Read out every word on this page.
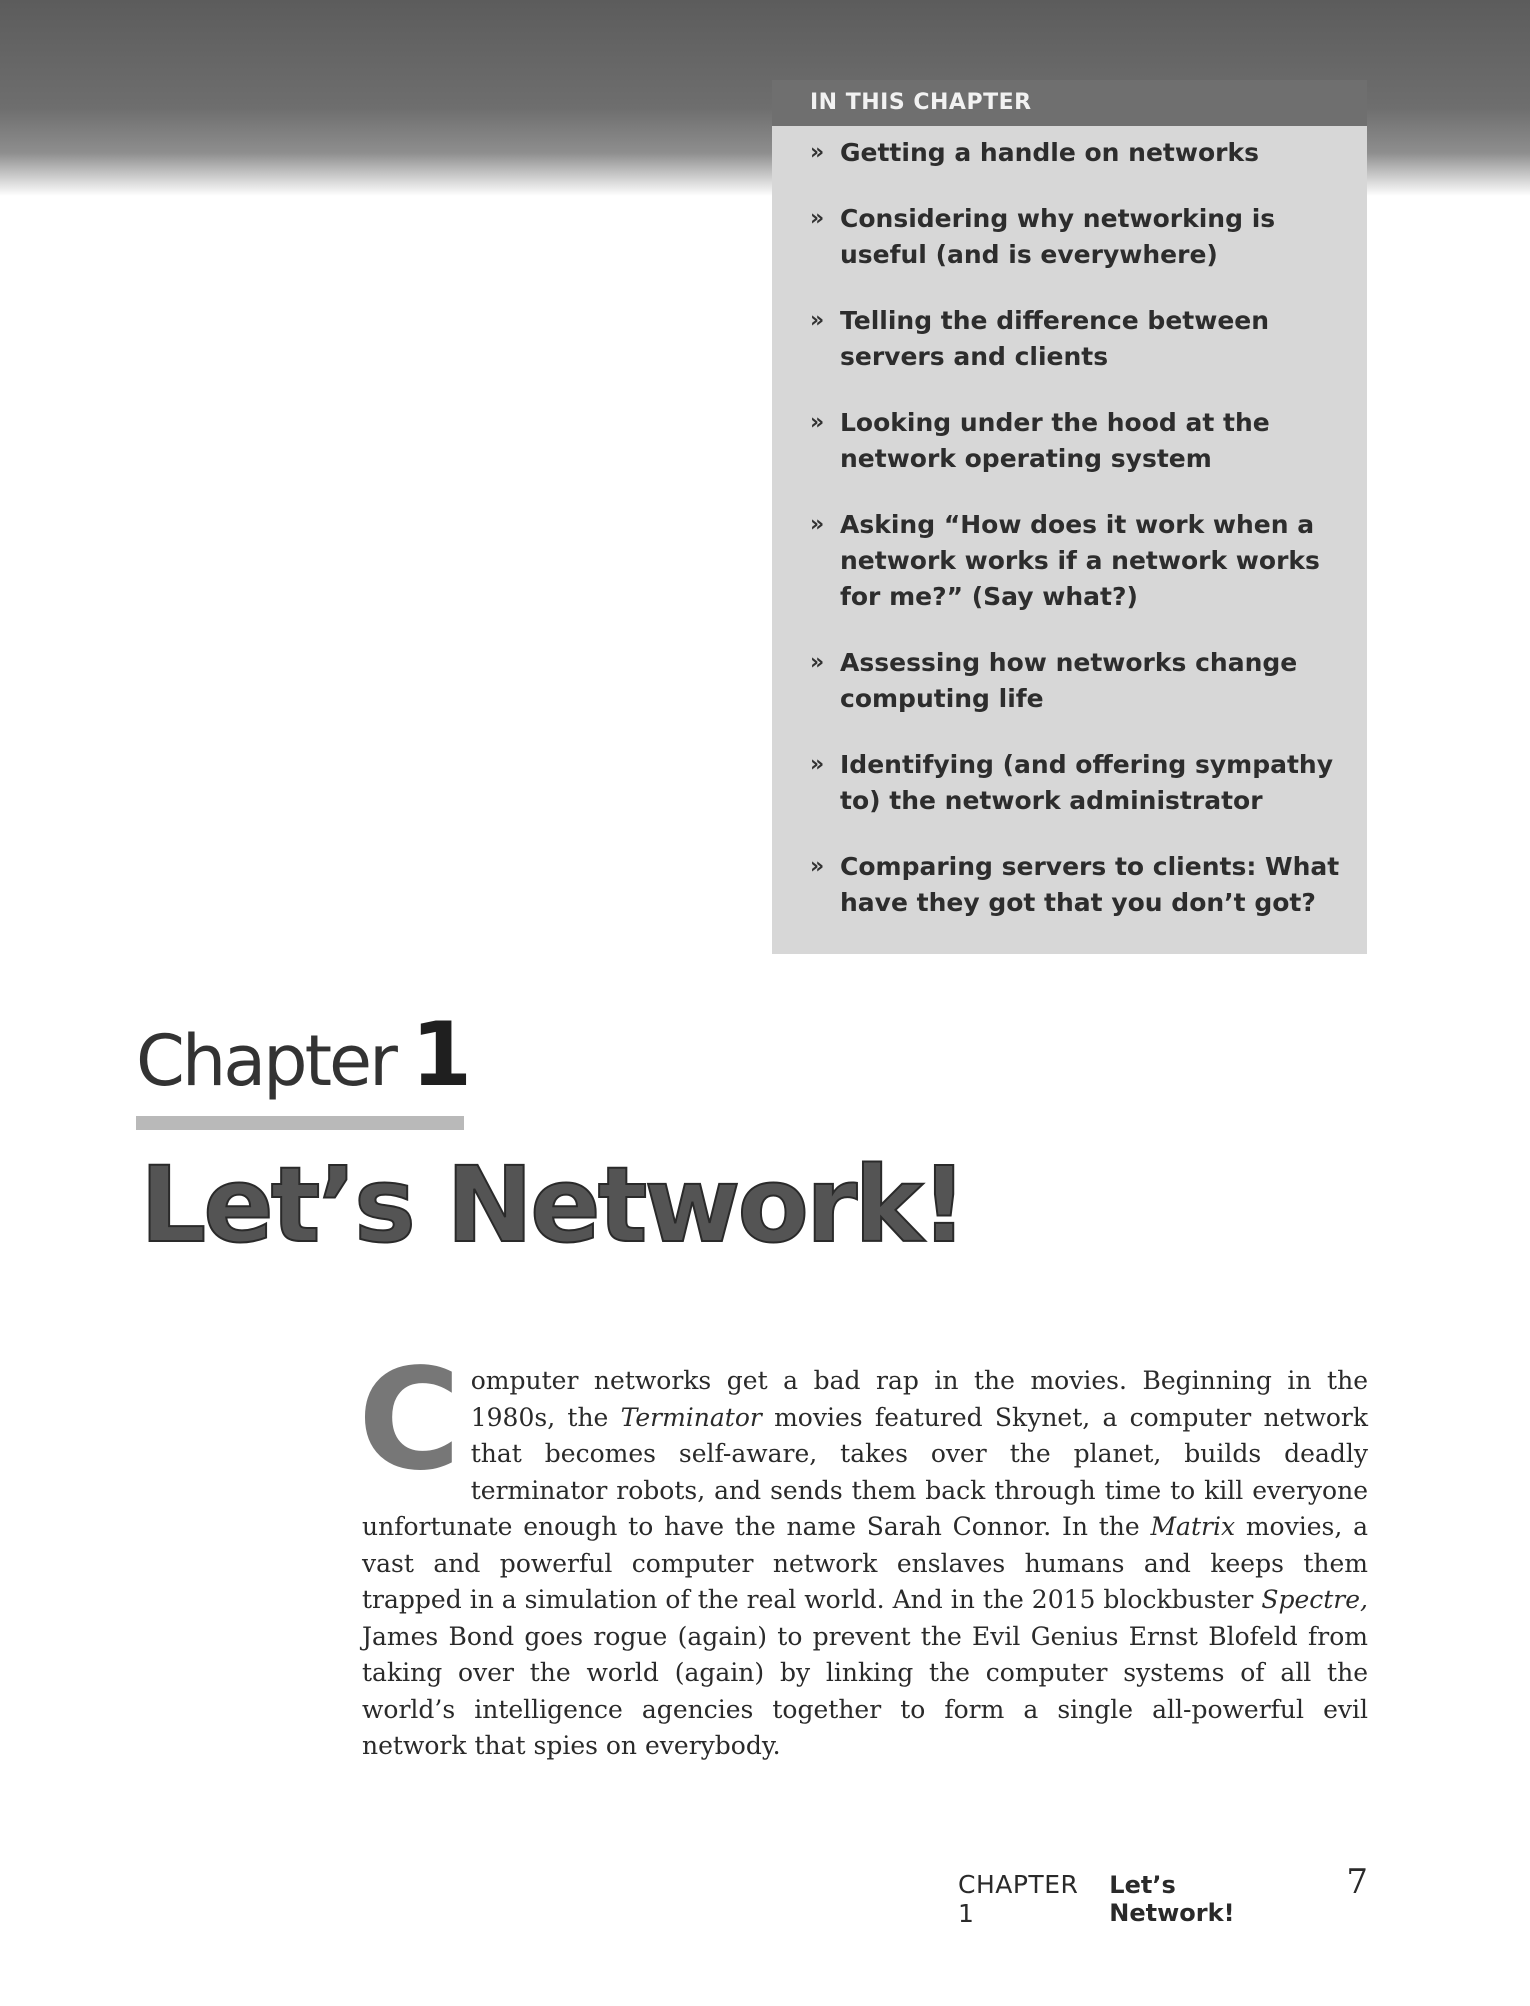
IN THIS CHAPTER
» Getting a handle on networks
» Considering why networking is useful (and is everywhere)
» Telling the difference between servers and clients
» Looking under the hood at the network operating system
» Asking “How does it work when a network works if a network works for me?” (Say what?)
» Assessing how networks change computing life
» Identifying (and offering sympathy to) the network administrator
» Comparing servers to clients: What have they got that you don’t got?
Chapter 1
Let’s Network!

Computer networks get a bad rap in the movies. Beginning in the 1980s, the Terminator movies featured Skynet, a computer network that becomes self-aware, takes over the planet, builds deadly terminator robots, and sends them back through time to kill everyone unfortunate enough to have the name Sarah Connor. In the Matrix movies, a vast and powerful computer network enslaves humans and keeps them trapped in a simulation of the real world. And in the 2015 blockbuster Spectre, James Bond goes rogue (again) to prevent the Evil Genius Ernst Blofeld from taking over the world (again) by linking the computer systems of all the world’s intelligence agencies together to form a single all-powerful evil network that spies on everybody.

CHAPTER 1
Let’s Network!
7
